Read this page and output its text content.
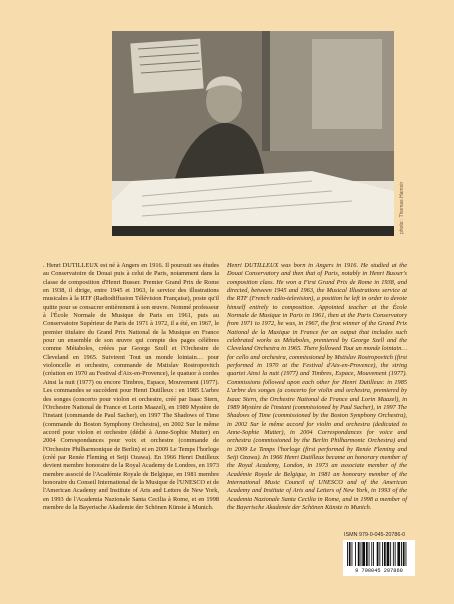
photo : Thomas Hamoir

. Henri DUTILLEUX est né à Angers en 1916. Il poursuit ses études au Conservatoire de Douai puis à celui de Paris, notamment dans la classe de composition d'Henri Busser. Premier Grand Prix de Rome en 1938, il dirige, entre 1945 et 1963, le service des illustrations musicales à la RTF (Radiodiffusion Télévision Française), poste qu'il quitte pour se consacrer entièrement à son œuvre. Nommé professeur à l'École Normale de Musique de Paris en 1961, puis au Conservatoire Supérieur de Paris de 1971 à 1972, il a été, en 1967, le premier titulaire du Grand Prix National de la Musique en France pour un ensemble de son œuvre qui compte des pages célèbres comme Métaboles, créées par George Szell et l'Orchestre de Cleveland en 1965. Suivirent Tout un monde lointain… pour violoncelle et orchestre, commande de Mstislav Rostropovitch (création en 1970 au Festival d'Aix-en-Provence), le quatuor à cordes Ainsi la nuit (1977) ou encore Timbres, Espace, Mouvement (1977). Les commandes se succèdent pour Henri Dutilleux : en 1985 L'arbre des songes (concerto pour violon et orchestre, créé par Isaac Stern, l'Orchestre National de France et Lorin Maazel), en 1989 Mystère de l'instant (commande de Paul Sacher), en 1997 The Shadows of Time (commande du Boston Symphony Orchestra), en 2002 Sur le même accord pour violon et orchestre (dédié à Anne-Sophie Mutter) en 2004 Correspondances pour voix et orchestre (commande de l'Orchestre Philharmonique de Berlin) et en 2009 Le Temps l'horloge (créé par Renée Fleming et Seiji Ozawa). En 1966 Henri Dutilleux devient membre honoraire de la Royal Academy de Londres, en 1973 membre associé de l'Académie Royale de Belgique, en 1981 membre honoraire du Conseil International de la Musique de l'UNESCO et de l'American Academy and Institute of Arts and Letters de New York, en 1993 de l'Academia Nazionale Santa Cecilia à Rome, et en 1998 membre de la Bayerische Akademie der Schönen Künste à Munich.

Henri DUTILLEUX was born in Angers in 1916. He studied at the Douai Conservatory and then that of Paris, notably in Henri Busser's composition class. He won a First Grand Prix de Rome in 1938, and directed, between 1945 and 1963, the Musical Illustrations service at the RTF (French radio-television), a position he left in order to devote himself entirely to composition. Appointed teacher at the École Normale de Musique in Paris in 1961, then at the Paris Conservatory from 1971 to 1972, he was, in 1967, the first winner of the Grand Prix National de la Musique in France for an output that includes such celebrated works as Métaboles, premiered by George Szell and the Cleveland Orchestra in 1965. There followed Tout un monde lointain… for cello and orchestra, commissioned by Mstislav Rostropovitch (first performed in 1970 at the Festival d'Aix-en-Provence), the string quartet Ainsi la nuit (1977) and Timbres, Espace, Mouvement (1977). Commissions followed upon each other for Henri Dutilleux: in 1985 L'arbre des songes (a concerto for violin and orchestra, premiered by Isaac Stern, the Orchestre National de France and Lorin Maazel), in 1989 Mystère de l'instant (commissioned by Paul Sacher), in 1997 The Shadows of Time (commissioned by the Boston Symphony Orchestra), in 2002 Sur le même accord for violin and orchestra (dedicated to Anne-Sophie Mutter), in 2004 Correspondances for voice and orchestra (commissioned by the Berlin Philharmonic Orchestra) and in 2009 Le Temps l'horloge (first performed by Renée Fleming and Seiji Ozawa). In 1966 Henri Dutilleux became an honorary member of the Royal Academy, London, in 1973 an associate member of the Académie Royale de Belgique, in 1981 an honorary member of the International Music Council of UNESCO and of the American Academy and Institute of Arts and Letters of New York, in 1993 of the Academia Nazionale Santa Cecilia in Rome, and in 1998 a member of the Bayerische Akademie der Schönen Künste in Munich.

ISMN 979-0-045-20786-0
9 790045 207860
